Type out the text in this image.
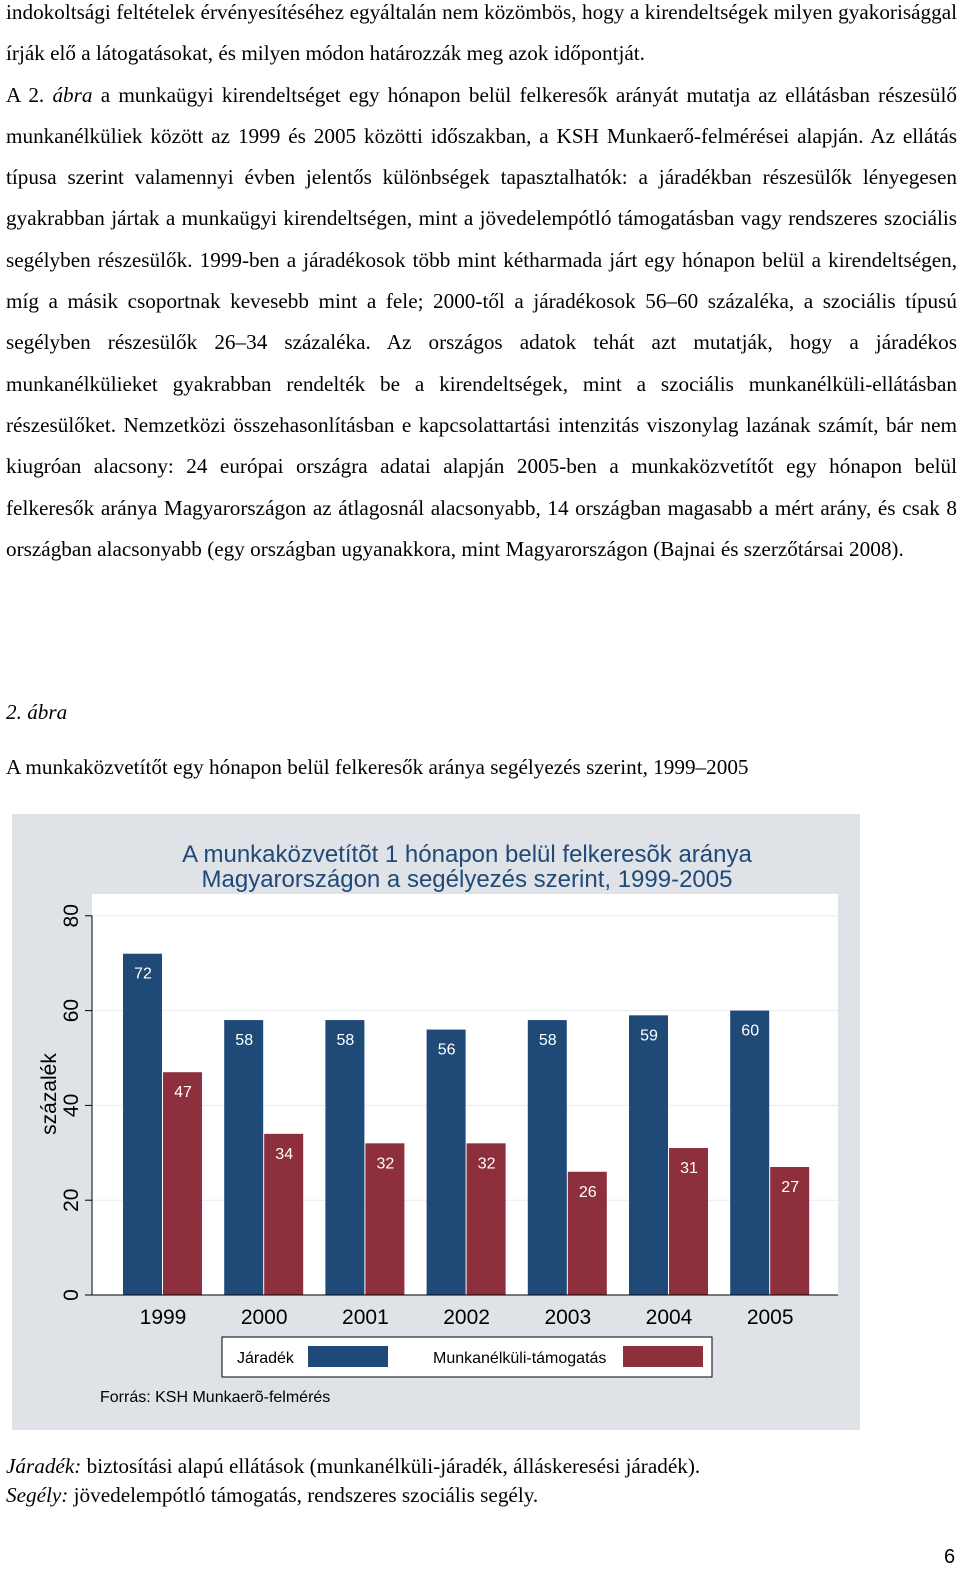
indokoltsági feltételek érvényesítéséhez egyáltalán nem közömbös, hogy a kirendeltségek milyen gyakorisággal írják elő a látogatásokat, és milyen módon határozzák meg azok időpontját.

A 2. ábra a munkaügyi kirendeltséget egy hónapon belül felkeresők arányát mutatja az ellátásban részesülő munkanélküliek között az 1999 és 2005 közötti időszakban, a KSH Munkaerő-felmérései alapján. Az ellátás típusa szerint valamennyi évben jelentős különbségek tapasztalhatók: a járadékban részesülők lényegesen gyakrabban jártak a munkaügyi kirendeltségen, mint a jövedelempótló támogatásban vagy rendszeres szociális segélyben részesülők. 1999-ben a járadékosok több mint kétharmada járt egy hónapon belül a kirendeltségen, míg a másik csoportnak kevesebb mint a fele; 2000-től a járadékosok 56–60 százaléka, a szociális típusú segélyben részesülők 26–34 százaléka. Az országos adatok tehát azt mutatják, hogy a járadékos munkanélkülieket gyakrabban rendelték be a kirendeltségek, mint a szociális munkanélküli-ellátásban részesülőket. Nemzetközi összehasonlításban e kapcsolattartási intenzitás viszonylag lazának számít, bár nem kiugróan alacsony: 24 európai országra adatai alapján 2005-ben a munkaközvetítőt egy hónapon belül felkeresők aránya Magyarországon az átlagosnál alacsonyabb, 14 országban magasabb a mért arány, és csak 8 országban alacsonyabb (egy országban ugyanakkora, mint Magyarországon (Bajnai és szerzőtársai 2008).

2. ábra
A munkaközvetítőt egy hónapon belül felkeresők aránya segélyezés szerint, 1999–2005
A munkaközvetítõt 1 hónapon belül felkeresõk aránya
Magyarországon a segélyezés szerint, 1999-2005
0
20
40
60
80
72
47
58
34
58
32
56
32
58
26
59
31
60
27
1999	2000	2001	2002	2003	2004	2005
százalék
Járadék	Munkanélküli-támogatás
Forrás: KSH Munkaerõ-felmérés
Járadék: biztosítási alapú ellátások (munkanélküli-járadék, álláskeresési járadék).
Segély: jövedelempótló támogatás, rendszeres szociális segély.
6
